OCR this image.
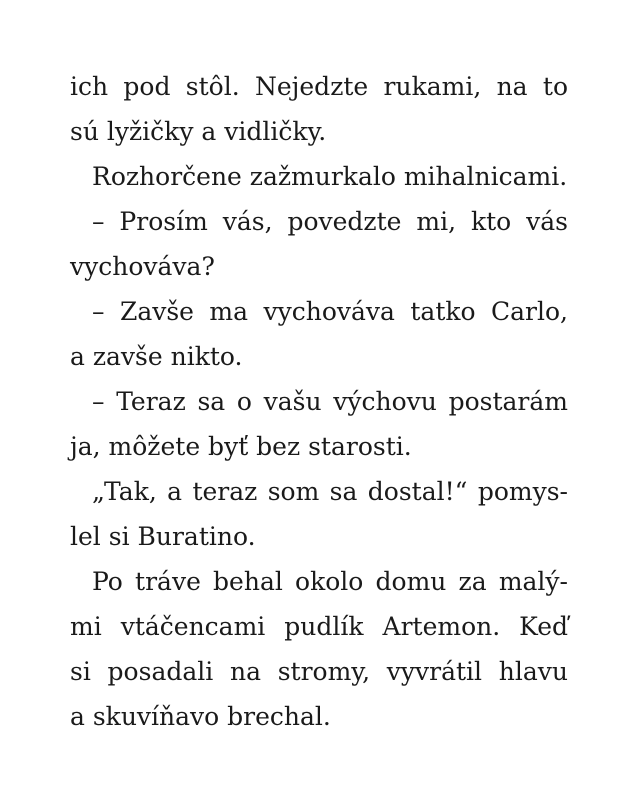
ich pod stôl. Nejedzte rukami, na to
sú lyžičky a vidličky.
Rozhorčene zažmurkalo mihalnicami.
– Prosím vás, povedzte mi, kto vás
vychováva?
– Zavše ma vychováva tatko Carlo,
a zavše nikto.
– Teraz sa o vašu výchovu postarám
ja, môžete byť bez starosti.
„Tak, a teraz som sa dostal!“ pomys-
lel si Buratino.
Po tráve behal okolo domu za malý-
mi vtáčencami pudlík Artemon. Keď
si posadali na stromy, vyvrátil hlavu
a skuvíňavo brechal.
